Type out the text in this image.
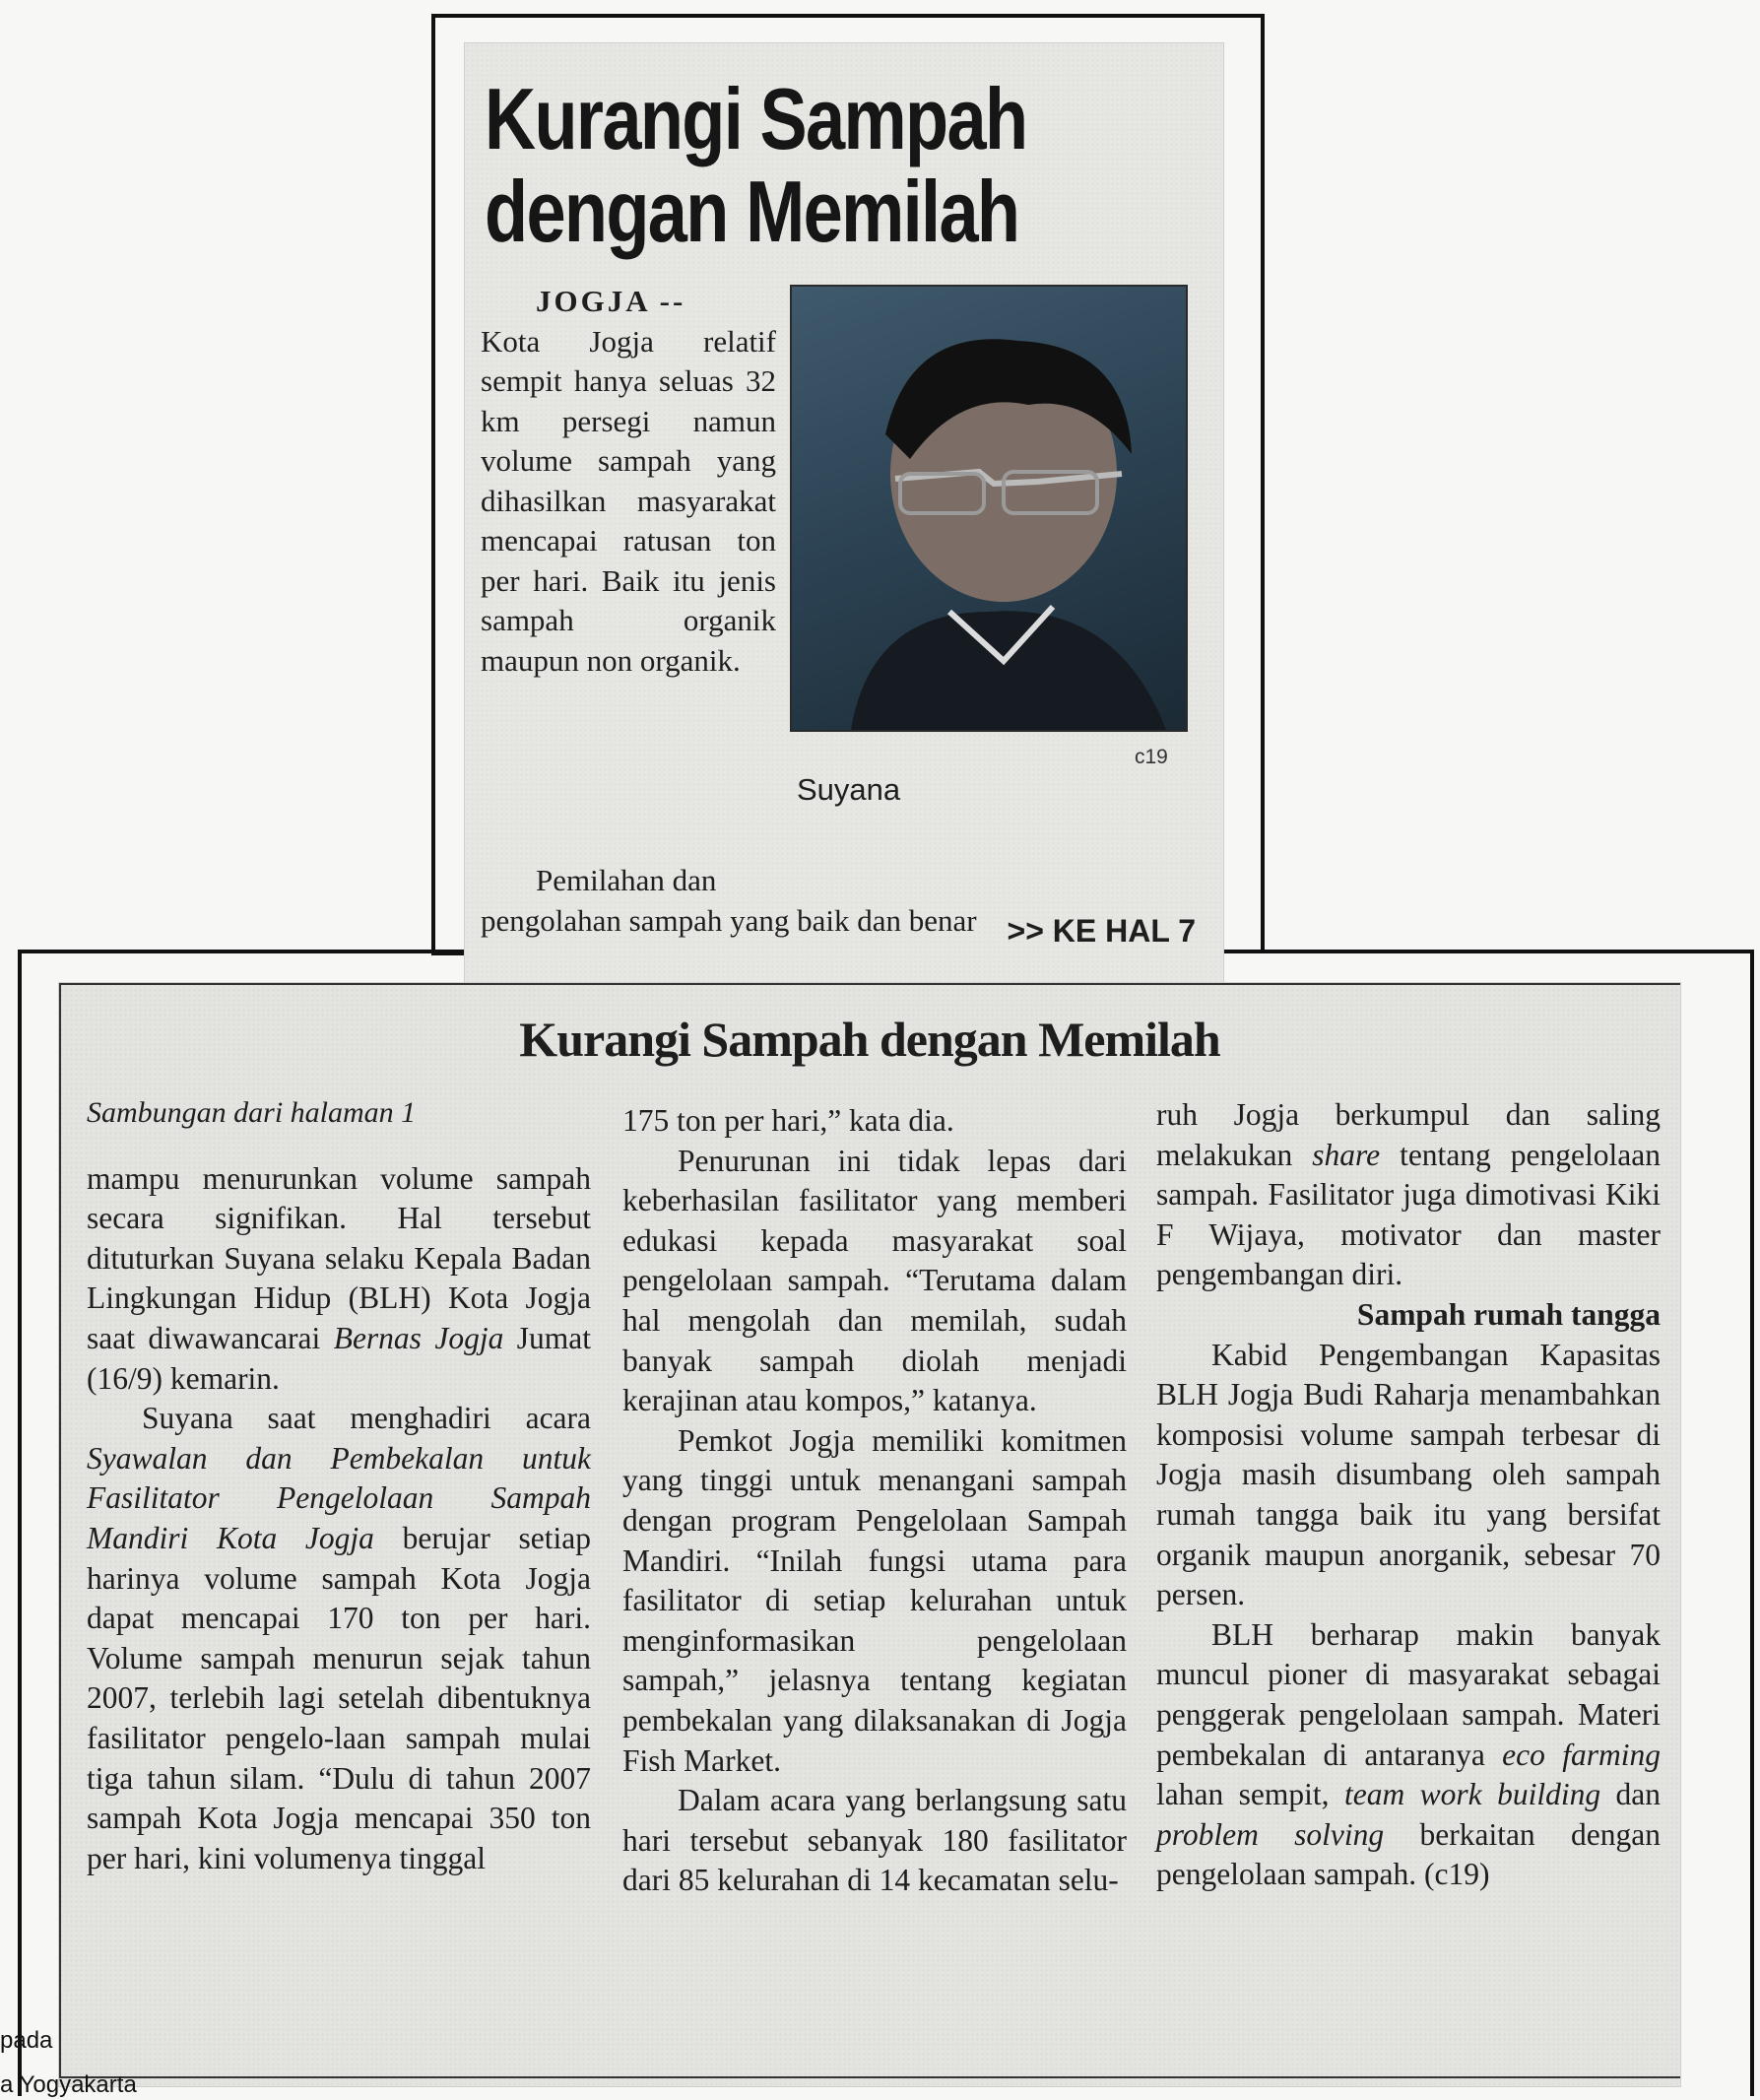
Kurangi Sampah dengan Memilah
JOGJA --
Kota Jogja relatif sempit hanya seluas 32 km persegi namun volume sampah yang dihasilkan masyarakat mencapai ratusan ton per hari. Baik itu jenis sampah organik maupun non organik.
c19
Suyana
Pemilahan dan
pengolahan sampah yang baik dan benar >> KE HAL 7
Kurangi Sampah dengan Memilah
Sambungan dari halaman 1

mampu menurunkan volume sampah secara signifikan. Hal tersebut dituturkan Suyana selaku Kepala Badan Lingkungan Hidup (BLH) Kota Jogja saat diwawancarai Bernas Jogja Jumat (16/9) kemarin.

Suyana saat menghadiri acara Syawalan dan Pembekalan untuk Fasilitator Pengelolaan Sampah Mandiri Kota Jogja berujar setiap harinya volume sampah Kota Jogja dapat mencapai 170 ton per hari. Volume sampah menurun sejak tahun 2007, terlebih lagi setelah dibentuknya fasilitator pengelo-laan sampah mulai tiga tahun silam. “Dulu di tahun 2007 sampah Kota Jogja mencapai 350 ton per hari, kini volumenya tinggal

175 ton per hari,” kata dia.

Penurunan ini tidak lepas dari keberhasilan fasilitator yang memberi edukasi kepada masyarakat soal pengelolaan sampah. “Terutama dalam hal mengolah dan memilah, sudah banyak sampah diolah menjadi kerajinan atau kompos,” katanya.

Pemkot Jogja memiliki komitmen yang tinggi untuk menangani sampah dengan program Pengelolaan Sampah Mandiri. “Inilah fungsi utama para fasilitator di setiap kelurahan untuk menginformasikan pengelolaan sampah,” jelasnya tentang kegiatan pembekalan yang dilaksanakan di Jogja Fish Market.

Dalam acara yang berlangsung satu hari tersebut sebanyak 180 fasilitator dari 85 kelurahan di 14 kecamatan selu-

ruh Jogja berkumpul dan saling melakukan share tentang pengelolaan sampah. Fasilitator juga dimotivasi Kiki F Wijaya, motivator dan master pengembangan diri.

Sampah rumah tangga

Kabid Pengembangan Kapasitas BLH Jogja Budi Raharja menambahkan komposisi volume sampah terbesar di Jogja masih disumbang oleh sampah rumah tangga baik itu yang bersifat organik maupun anorganik, sebesar 70 persen.

BLH berharap makin banyak muncul pioner di masyarakat sebagai penggerak pengelolaan sampah. Materi pembekalan di antaranya eco farming lahan sempit, team work building dan problem solving berkaitan dengan pengelolaan sampah. (c19)

pada
a Yogyakarta
